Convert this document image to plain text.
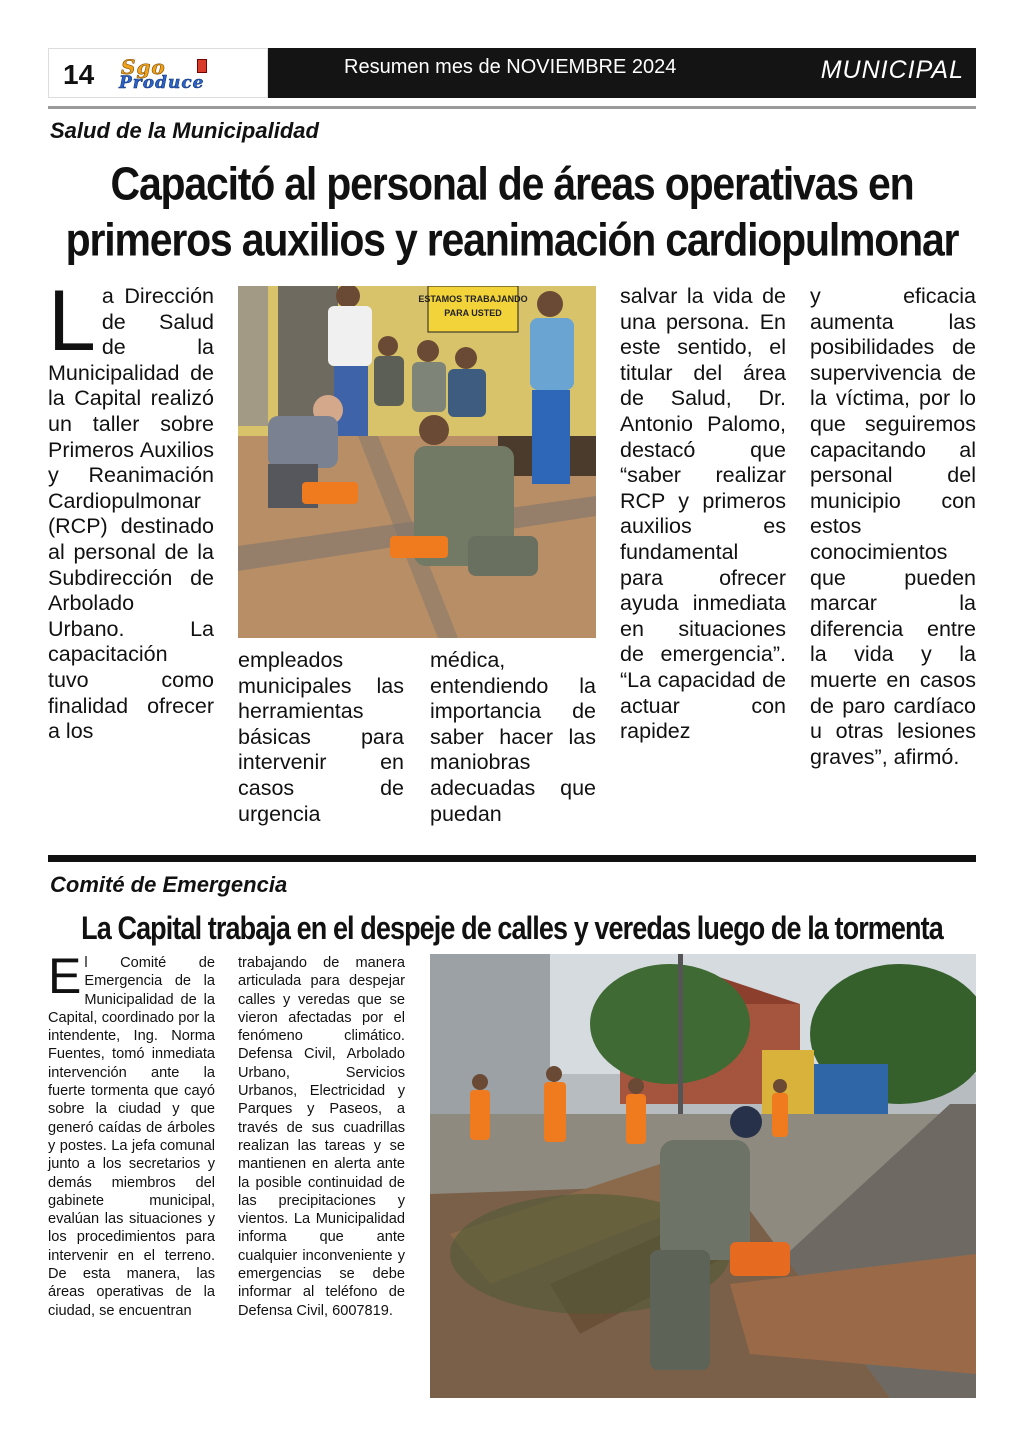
14 Sgo
Produce
Resumen mes de NOVIEMBRE 2024	MUNICIPAL
Salud de la Municipalidad
Capacitó al personal de áreas operativas en primeros auxilios y reanimación cardiopulmonar
L a Dirección de Salud de la Municipalidad de la Capital realizó un taller sobre Primeros Auxilios y Reanimación Cardiopulmonar (RCP) destinado al personal de la Subdirección de Arbolado Urbano. La capacitación tuvo como finalidad ofrecer a los

ESTAMOS TRABAJANDO
PARA USTED

empleados municipales las herramientas básicas para intervenir en casos de urgencia

médica, entendiendo la importancia de saber hacer las maniobras adecuadas que puedan

salvar la vida de una persona. En este sentido, el titular del área de Salud, Dr. Antonio Palomo, destacó que “saber realizar RCP y primeros auxilios es fundamental para ofrecer ayuda inmediata en situaciones de emergencia”. “La capacidad de actuar con rapidez

y eficacia aumenta las posibilidades de supervivencia de la víctima, por lo que seguiremos capacitando al personal del municipio con estos conocimientos que pueden marcar la diferencia entre la vida y la muerte en casos de paro cardíaco u otras lesiones graves”, afirmó.

Comité de Emergencia
La Capital trabaja en el despeje de calles y veredas luego de la tormenta
E l Comité de Emergencia de la Municipalidad de la Capital, coordinado por la intendente, Ing. Norma Fuentes, tomó inmediata intervención ante la fuerte tormenta que cayó sobre la ciudad y que generó caídas de árboles y postes. La jefa comunal junto a los secretarios y demás miembros del gabinete municipal, evalúan las situaciones y los procedimientos para intervenir en el terreno. De esta manera, las áreas operativas de la ciudad, se encuentran

trabajando de manera articulada para despejar calles y veredas que se vieron afectadas por el fenómeno climático. Defensa Civil, Arbolado Urbano, Servicios Urbanos, Electricidad y Parques y Paseos, a través de sus cuadrillas realizan las tareas y se mantienen en alerta ante la posible continuidad de las precipitaciones y vientos. La Municipalidad informa que ante cualquier inconveniente y emergencias se debe informar al teléfono de Defensa Civil, 6007819.
